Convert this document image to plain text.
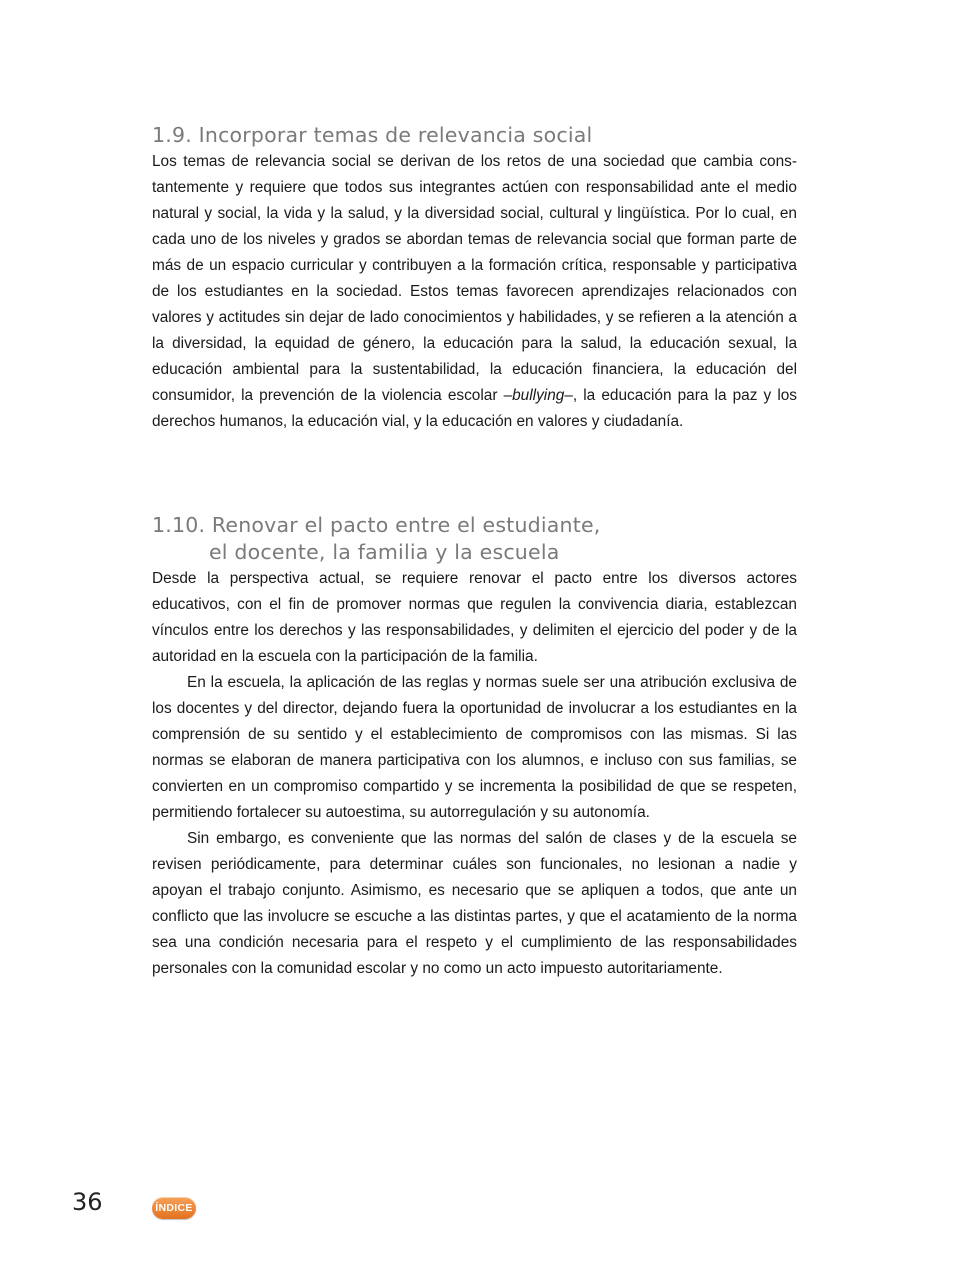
1.9. Incorporar temas de relevancia social

Los temas de relevancia social se derivan de los retos de una sociedad que cambia constantemente y requiere que todos sus integrantes actúen con responsabilidad ante el medio natural y social, la vida y la salud, y la diversidad social, cultural y lingüística. Por lo cual, en cada uno de los niveles y grados se abordan temas de relevancia social que forman parte de más de un espacio curricular y contribuyen a la formación crítica, responsable y participativa de los estudiantes en la sociedad. Estos temas favorecen aprendizajes relacionados con valores y actitudes sin dejar de lado conocimientos y habilidades, y se refieren a la atención a la diversidad, la equidad de género, la educación para la salud, la educación sexual, la educación ambiental para la sustentabilidad, la educación financiera, la educación del consumidor, la prevención de la violencia escolar –bullying–, la educación para la paz y los derechos humanos, la educación vial, y la educación en valores y ciudadanía.

1.10. Renovar el pacto entre el estudiante,
el docente, la familia y la escuela

Desde la perspectiva actual, se requiere renovar el pacto entre los diversos actores educativos, con el fin de promover normas que regulen la convivencia diaria, establezcan vínculos entre los derechos y las responsabilidades, y delimiten el ejercicio del poder y de la autoridad en la escuela con la participación de la familia.

En la escuela, la aplicación de las reglas y normas suele ser una atribución exclusiva de los docentes y del director, dejando fuera la oportunidad de involucrar a los estudiantes en la comprensión de su sentido y el establecimiento de compromisos con las mismas. Si las normas se elaboran de manera participativa con los alumnos, e incluso con sus familias, se convierten en un compromiso compartido y se incrementa la posibilidad de que se respeten, permitiendo fortalecer su autoestima, su autorregulación y su autonomía.

Sin embargo, es conveniente que las normas del salón de clases y de la escuela se revisen periódicamente, para determinar cuáles son funcionales, no lesionan a nadie y apoyan el trabajo conjunto. Asimismo, es necesario que se apliquen a todos, que ante un conflicto que las involucre se escuche a las distintas partes, y que el acatamiento de la norma sea una condición necesaria para el respeto y el cumplimiento de las responsabilidades personales con la comunidad escolar y no como un acto impuesto autoritariamente.

36	ÍNDICE
